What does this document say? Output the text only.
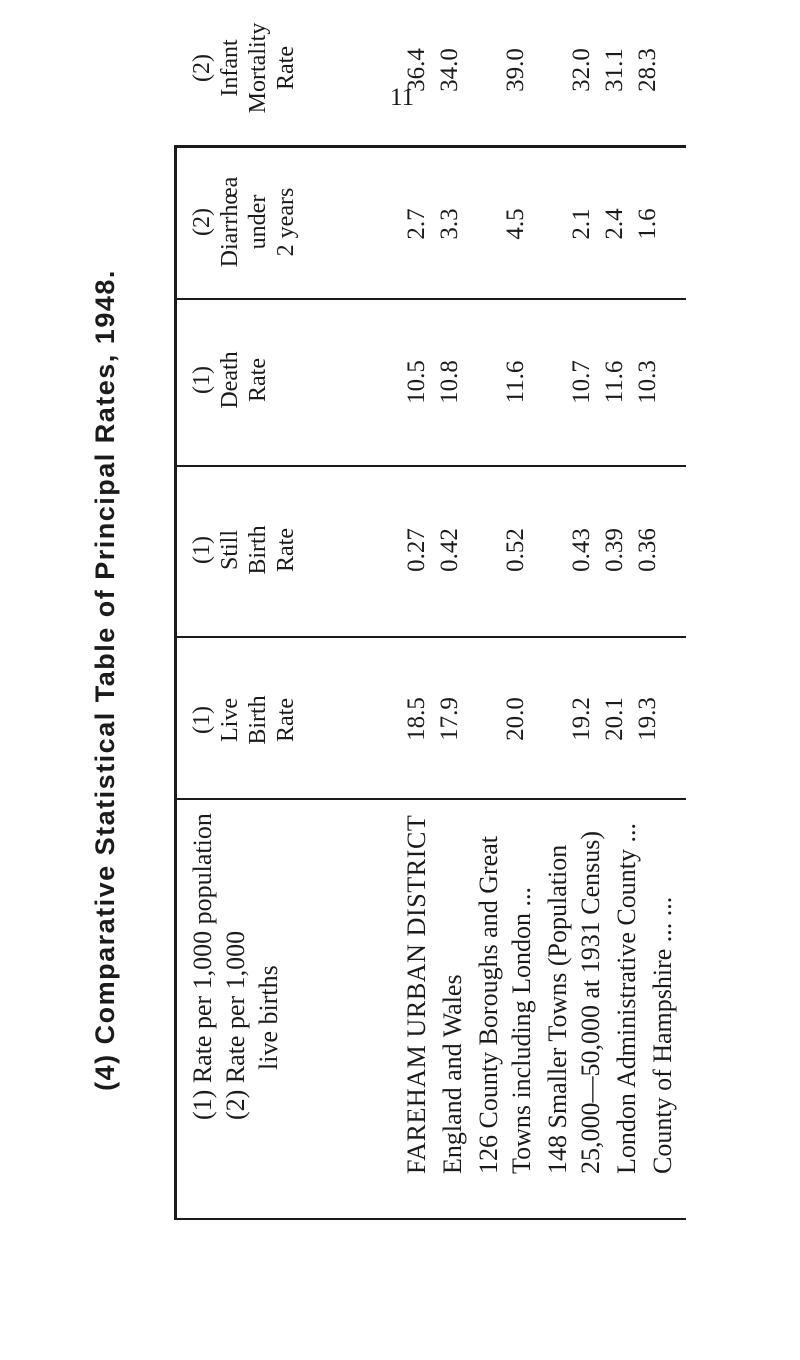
11
(4) Comparative Statistical Table of Principal Rates, 1948.	(1) Rate per 1,000 population (2) Rate per 1,000 live births
(1) Live Birth Rate
(1) Still Birth Rate
(1) Death Rate
(2) Diarrhœa under 2 years
(2) Infant Mortality Rate
FAREHAM URBAN DISTRICT England and Wales 126 County Boroughs and Great Towns including London ... 148 Smaller Towns (Population 25,000—50,000 at 1931 Census) London Administrative County ... County of Hampshire ... ...
18.5 17.9 20.0 19.2 20.1 19.3
0.27 0.42 0.52 0.43 0.39 0.36
10.5 10.8 11.6 10.7 11.6 10.3
2.7 3.3 4.5 2.1 2.4 1.6
36.4 34.0 39.0 32.0 31.1 28.3
